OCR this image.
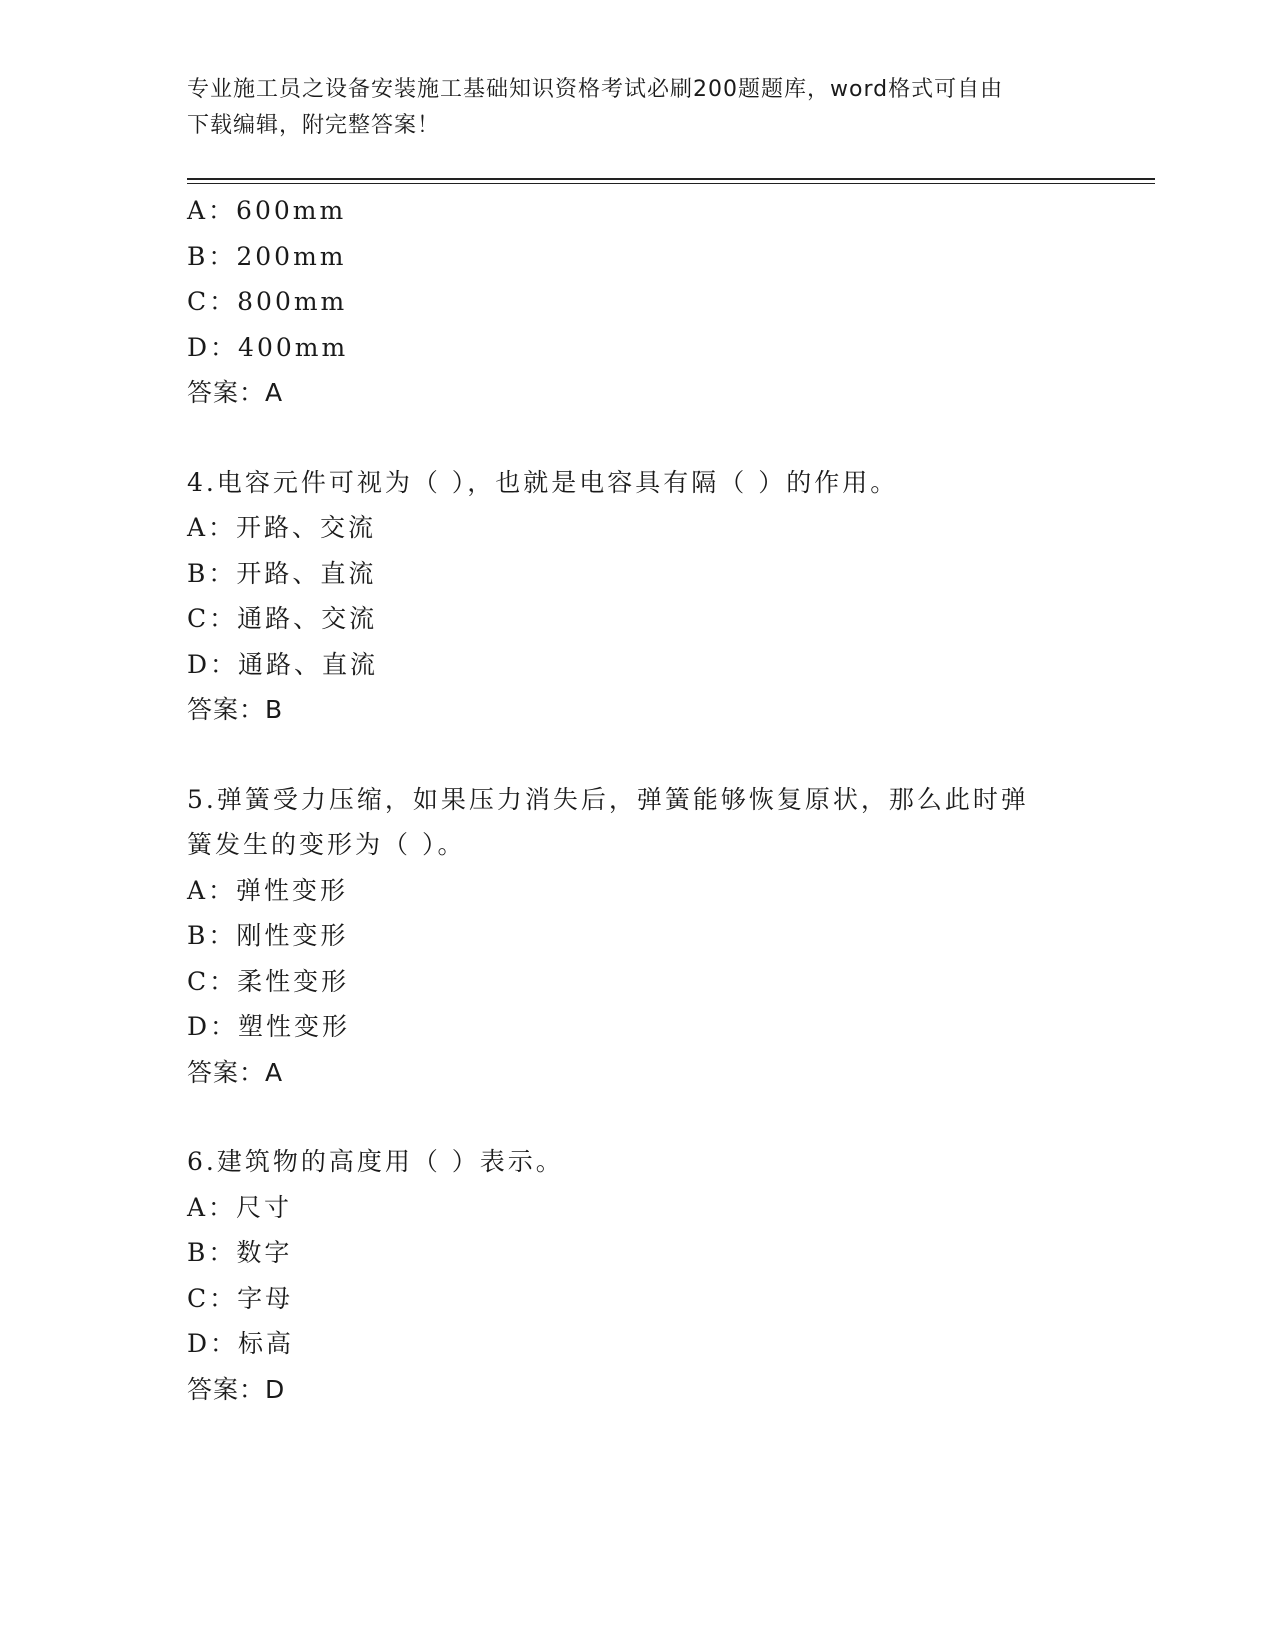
专业施工员之设备安装施工基础知识资格考试必刷200题题库，word格式可自由
下载编辑，附完整答案！
A：600mm
B：200mm
C：800mm
D：400mm
答案：A
4.电容元件可视为（ ），也就是电容具有隔（ ）的作用。
A：开路、交流
B：开路、直流
C：通路、交流
D：通路、直流
答案：B
5.弹簧受力压缩，如果压力消失后，弹簧能够恢复原状，那么此时弹
簧发生的变形为（ ）。
A：弹性变形
B：刚性变形
C：柔性变形
D：塑性变形
答案：A
6.建筑物的高度用（ ）表示。
A：尺寸
B：数字
C：字母
D：标高
答案：D
